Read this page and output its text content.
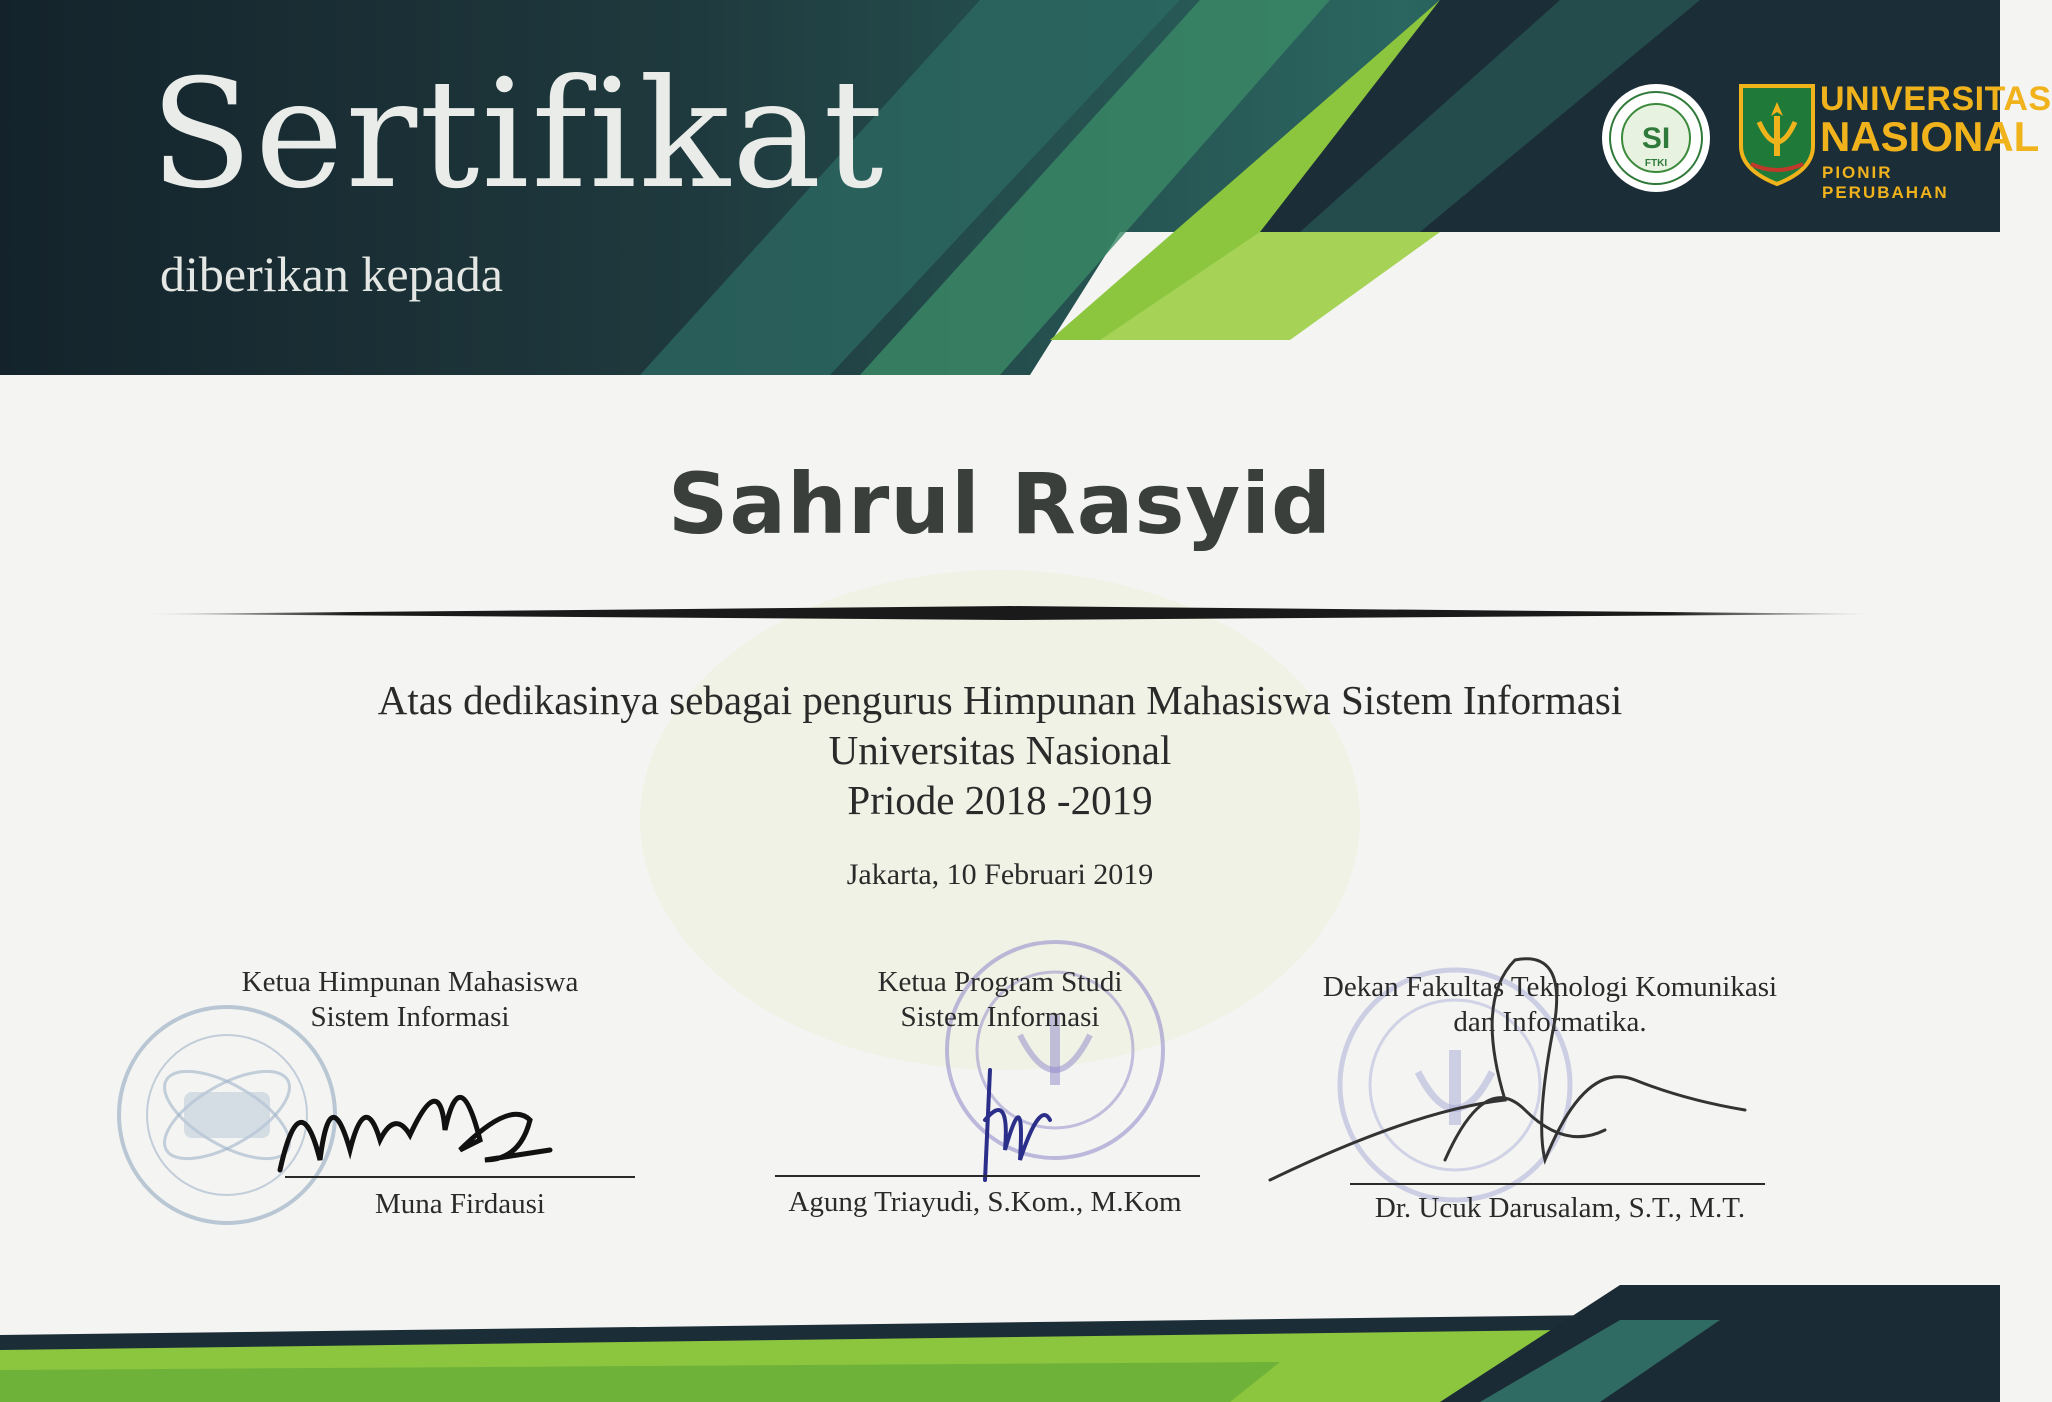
Sertifikat
diberikan kepada
SI
FTKI
UNIVERSITAS
NASIONAL
PIONIR PERUBAHAN
Sahrul Rasyid
Atas dedikasinya sebagai pengurus Himpunan Mahasiswa Sistem Informasi
Universitas Nasional
Priode 2018 -2019
Jakarta, 10 Februari 2019
Ketua Himpunan Mahasiswa
Sistem Informasi
Muna Firdausi
Ketua Program Studi
Sistem Informasi
Agung Triayudi, S.Kom., M.Kom
Dekan Fakultas Teknologi Komunikasi
dan Informatika.
Dr. Ucuk Darusalam, S.T., M.T.
